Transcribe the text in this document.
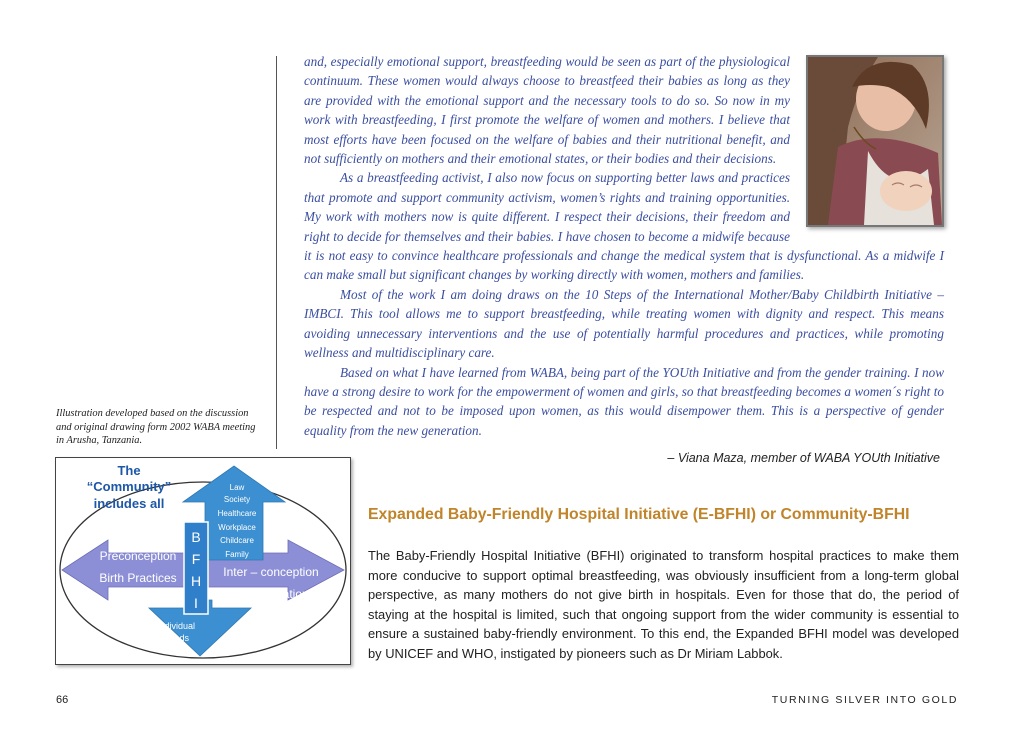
and, especially emotional support, breastfeeding would be seen as part of the physiological continuum. These women would always choose to breastfeed their babies as long as they are provided with the emotional support and the necessary tools to do so. So now in my work with breastfeeding, I first promote the welfare of women and mothers. I believe that most efforts have been focused on the welfare of babies and their nutritional benefit, and not sufficiently on mothers and their emotional states, or their bodies and their decisions.

As a breastfeeding activist, I also now focus on supporting better laws and practices that promote and support community activism, women’s rights and training opportunities. My work with mothers now is quite different. I respect their decisions, their freedom and right to decide for themselves and their babies. I have chosen to become a midwife because it is not easy to convince healthcare professionals and change the medical system that is dysfunctional. As a midwife I can make small but significant changes by working directly with women, mothers and families.

Most of the work I am doing draws on the 10 Steps of the International Mother/Baby Childbirth Initiative – IMBCI. This tool allows me to support breastfeeding, while treating women with dignity and respect. This means avoiding unnecessary interventions and the use of potentially harmful procedures and practices, while promoting wellness and multidisciplinary care.

Based on what I have learned from WABA, being part of the YOUth Initiative and from the gender training. I now have a strong desire to work for the empowerment of women and girls, so that breastfeeding becomes a women´s right to be respected and not to be imposed upon women, as this would disempower them. This is a perspective of gender equality from the new generation.

– Viana Maza, member of WABA YOUth Initiative

Illustration developed based on the discussion and original drawing form 2002 WABA meeting in Arusha, Tanzania.

The
“Community”
includes all
Law
Society
Healthcare
Workplace
Childcare
Family
B
F
H
I
Preconception
Birth Practices	Inter – conception
Inter-generational
Individual
Needs
Expanded Baby-Friendly Hospital Initiative (E-BFHI) or Community-BFHI

The Baby-Friendly Hospital Initiative (BFHI) originated to transform hospital practices to make them more conducive to support optimal breastfeeding, was obviously insufficient from a long-term global perspective, as many mothers do not give birth in hospitals. Even for those that do, the period of staying at the hospital is limited, such that ongoing support from the wider community is essential to ensure a sustained baby-friendly environment. To this end, the Expanded BFHI model was developed by UNICEF and WHO, instigated by pioneers such as Dr Miriam Labbok.

66	TURNING SILVER INTO GOLD
